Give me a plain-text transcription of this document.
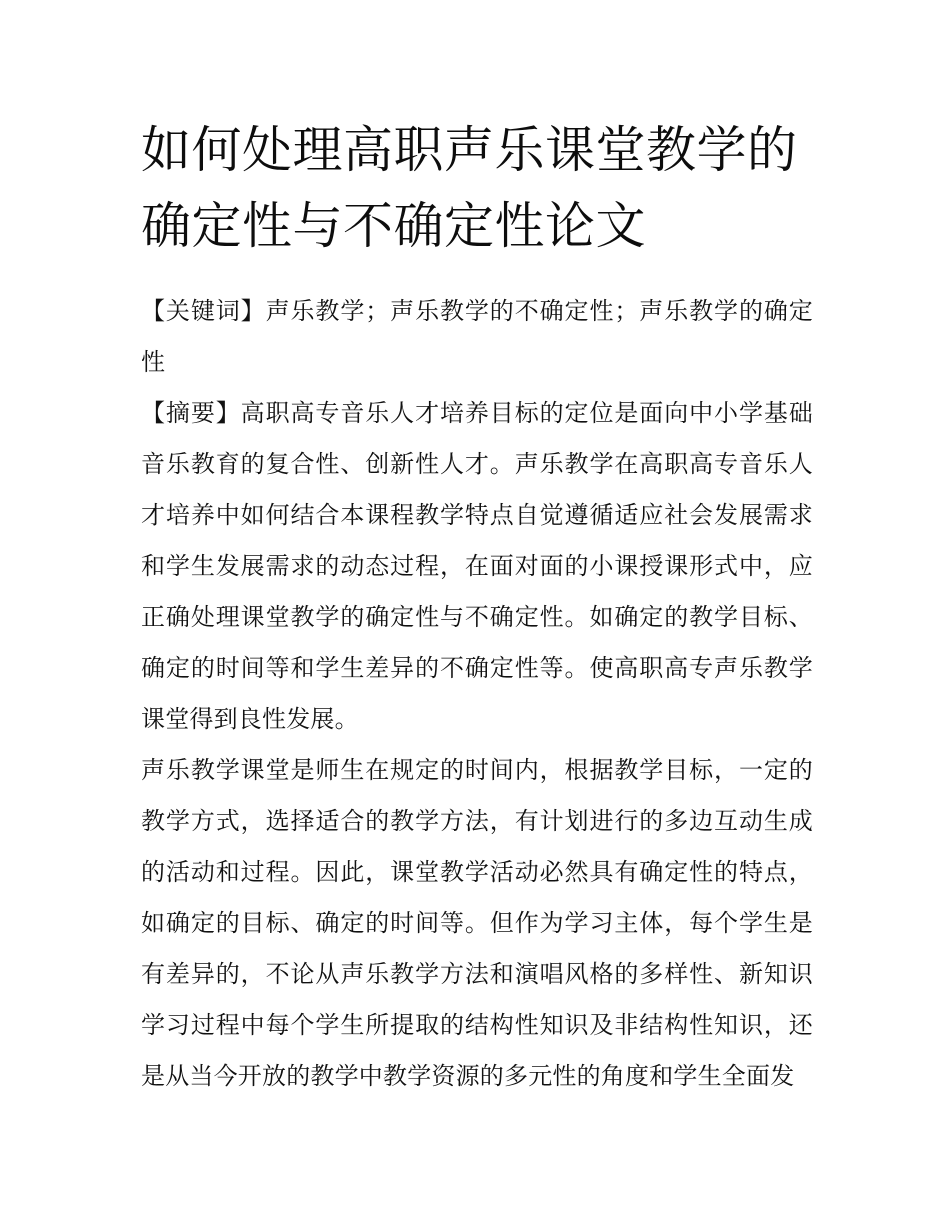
如何处理高职声乐课堂教学的确定性与不确定性论文

【关键词】声乐教学；声乐教学的不确定性；声乐教学的确定性

【摘要】高职高专音乐人才培养目标的定位是面向中小学基础音乐教育的复合性、创新性人才。声乐教学在高职高专音乐人才培养中如何结合本课程教学特点自觉遵循适应社会发展需求和学生发展需求的动态过程，在面对面的小课授课形式中，应正确处理课堂教学的确定性与不确定性。如确定的教学目标、确定的时间等和学生差异的不确定性等。使高职高专声乐教学课堂得到良性发展。

声乐教学课堂是师生在规定的时间内，根据教学目标，一定的教学方式，选择适合的教学方法，有计划进行的多边互动生成的活动和过程。因此，课堂教学活动必然具有确定性的特点，如确定的目标、确定的时间等。但作为学习主体，每个学生是有差异的，不论从声乐教学方法和演唱风格的多样性、新知识学习过程中每个学生所提取的结构性知识及非结构性知识，还是从当今开放的教学中教学资源的多元性的角度和学生全面发
